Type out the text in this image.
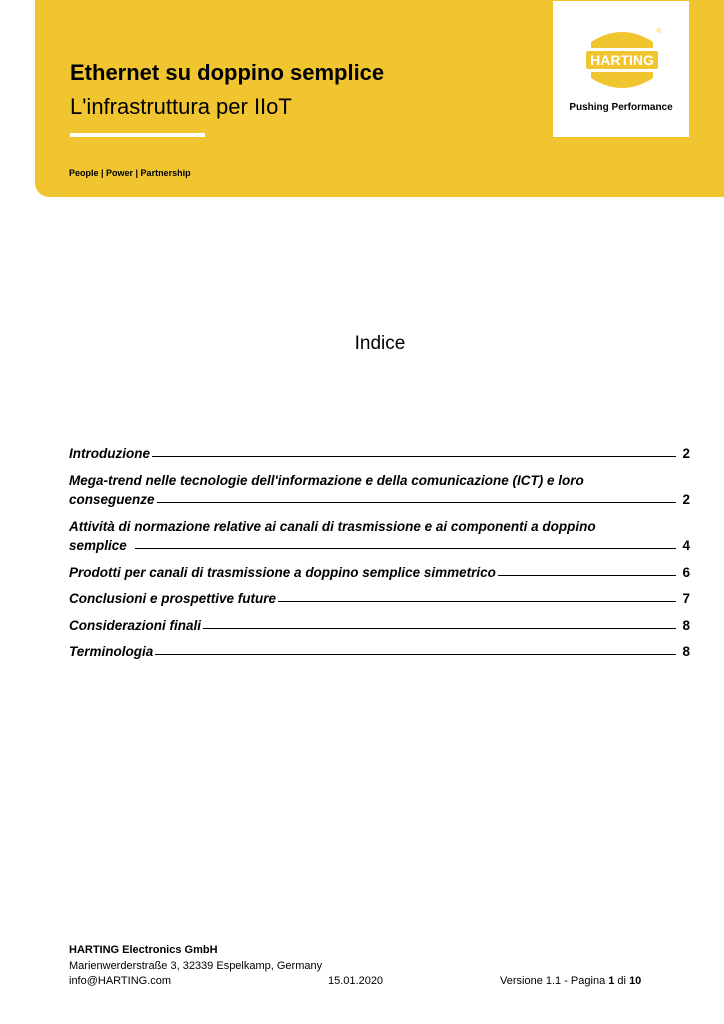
Ethernet su doppino semplice
L'infrastruttura per IIoT
People | Power | Partnership
HARTING
®
Pushing Performance
Indice
Introduzione	2
Mega-trend nelle tecnologie dell'informazione e della comunicazione (ICT) e loro
conseguenze	2
Attività di normazione relative ai canali di trasmissione e ai componenti a doppino
semplice	4
Prodotti per canali di trasmissione a doppino semplice simmetrico	6
Conclusioni e prospettive future	7
Considerazioni finali	8
Terminologia	8
HARTING Electronics GmbH
Marienwerderstraße 3, 32339 Espelkamp, Germany
info@HARTING.com	15.01.2020	Versione 1.1 - Pagina 1 di 10
